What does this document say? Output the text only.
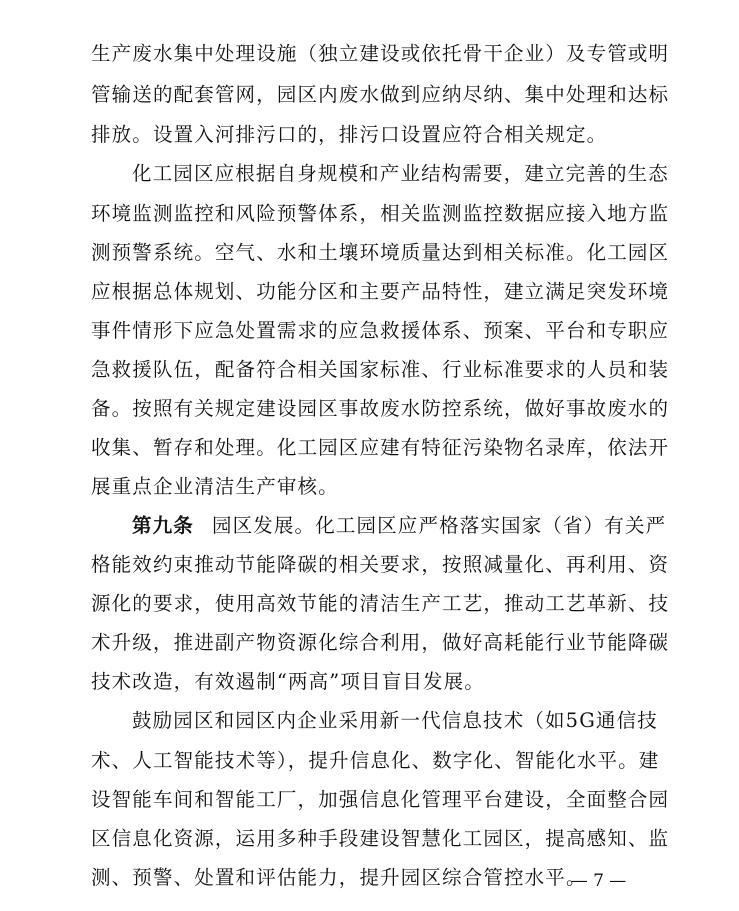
生产废水集中处理设施（独立建设或依托骨干企业）及专管或明
管输送的配套管网，园区内废水做到应纳尽纳、集中处理和达标
排放。设置入河排污口的，排污口设置应符合相关规定。
化工园区应根据自身规模和产业结构需要，建立完善的生态
环境监测监控和风险预警体系，相关监测监控数据应接入地方监
测预警系统。空气、水和土壤环境质量达到相关标准。化工园区
应根据总体规划、功能分区和主要产品特性，建立满足突发环境
事件情形下应急处置需求的应急救援体系、预案、平台和专职应
急救援队伍，配备符合相关国家标准、行业标准要求的人员和装
备。按照有关规定建设园区事故废水防控系统，做好事故废水的
收集、暂存和处理。化工园区应建有特征污染物名录库，依法开
展重点企业清洁生产审核。
第九条 园区发展。化工园区应严格落实国家（省）有关严
格能效约束推动节能降碳的相关要求，按照减量化、再利用、资
源化的要求，使用高效节能的清洁生产工艺，推动工艺革新、技
术升级，推进副产物资源化综合利用，做好高耗能行业节能降碳
技术改造，有效遏制“两高”项目盲目发展。
鼓励园区和园区内企业采用新一代信息技术（如5G通信技
术、人工智能技术等），提升信息化、数字化、智能化水平。建
设智能车间和智能工厂，加强信息化管理平台建设，全面整合园
区信息化资源，运用多种手段建设智慧化工园区，提高感知、监
测、预警、处置和评估能力，提升园区综合管控水平。
— 7 —
